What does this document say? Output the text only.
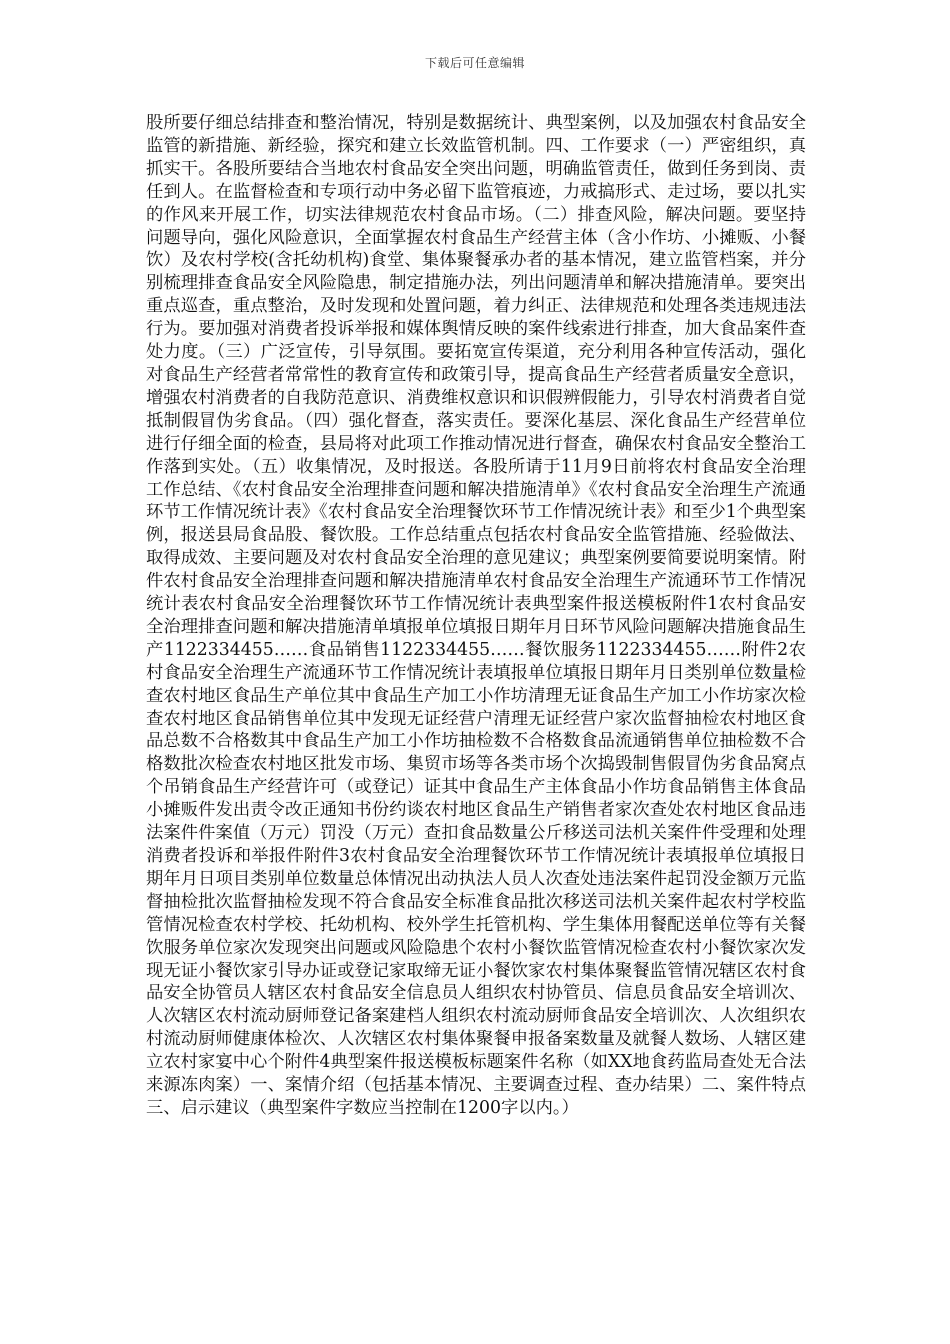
下载后可任意编辑

股所要仔细总结排查和整治情况，特别是数据统计、典型案例，以及加强农村食品安全监管的新措施、新经验，探究和建立长效监管机制。四、工作要求（一）严密组织，真抓实干。各股所要结合当地农村食品安全突出问题，明确监管责任，做到任务到岗、责任到人。在监督检查和专项行动中务必留下监管痕迹，力戒搞形式、走过场，要以扎实的作风来开展工作，切实法律规范农村食品市场。（二）排查风险，解决问题。要坚持问题导向，强化风险意识，全面掌握农村食品生产经营主体（含小作坊、小摊贩、小餐饮）及农村学校(含托幼机构)食堂、集体聚餐承办者的基本情况，建立监管档案，并分别梳理排查食品安全风险隐患，制定措施办法，列出问题清单和解决措施清单。要突出重点巡查，重点整治，及时发现和处置问题，着力纠正、法律规范和处理各类违规违法行为。要加强对消费者投诉举报和媒体舆情反映的案件线索进行排查，加大食品案件查处力度。（三）广泛宣传，引导氛围。要拓宽宣传渠道，充分利用各种宣传活动，强化对食品生产经营者常常性的教育宣传和政策引导，提高食品生产经营者质量安全意识，增强农村消费者的自我防范意识、消费维权意识和识假辨假能力，引导农村消费者自觉抵制假冒伪劣食品。（四）强化督查，落实责任。要深化基层、深化食品生产经营单位进行仔细全面的检查，县局将对此项工作推动情况进行督查，确保农村食品安全整治工作落到实处。（五）收集情况，及时报送。各股所请于11月9日前将农村食品安全治理工作总结、《农村食品安全治理排查问题和解决措施清单》《农村食品安全治理生产流通环节工作情况统计表》《农村食品安全治理餐饮环节工作情况统计表》和至少1个典型案例，报送县局食品股、餐饮股。工作总结重点包括农村食品安全监管措施、经验做法、取得成效、主要问题及对农村食品安全治理的意见建议；典型案例要简要说明案情。附件农村食品安全治理排查问题和解决措施清单农村食品安全治理生产流通环节工作情况统计表农村食品安全治理餐饮环节工作情况统计表典型案件报送模板附件1农村食品安全治理排查问题和解决措施清单填报单位填报日期年月日环节风险问题解决措施食品生产1122334455……食品销售1122334455……餐饮服务1122334455……附件2农村食品安全治理生产流通环节工作情况统计表填报单位填报日期年月日类别单位数量检查农村地区食品生产单位其中食品生产加工小作坊清理无证食品生产加工小作坊家次检查农村地区食品销售单位其中发现无证经营户清理无证经营户家次监督抽检农村地区食品总数不合格数其中食品生产加工小作坊抽检数不合格数食品流通销售单位抽检数不合格数批次检查农村地区批发市场、集贸市场等各类市场个次捣毁制售假冒伪劣食品窝点个吊销食品生产经营许可（或登记）证其中食品生产主体食品小作坊食品销售主体食品小摊贩件发出责令改正通知书份约谈农村地区食品生产销售者家次查处农村地区食品违法案件件案值（万元）罚没（万元）查扣食品数量公斤移送司法机关案件件受理和处理消费者投诉和举报件附件3农村食品安全治理餐饮环节工作情况统计表填报单位填报日期年月日项目类别单位数量总体情况出动执法人员人次查处违法案件起罚没金额万元监督抽检批次监督抽检发现不符合食品安全标准食品批次移送司法机关案件起农村学校监管情况检查农村学校、托幼机构、校外学生托管机构、学生集体用餐配送单位等有关餐饮服务单位家次发现突出问题或风险隐患个农村小餐饮监管情况检查农村小餐饮家次发现无证小餐饮家引导办证或登记家取缔无证小餐饮家农村集体聚餐监管情况辖区农村食品安全协管员人辖区农村食品安全信息员人组织农村协管员、信息员食品安全培训次、人次辖区农村流动厨师登记备案建档人组织农村流动厨师食品安全培训次、人次组织农村流动厨师健康体检次、人次辖区农村集体聚餐申报备案数量及就餐人数场、人辖区建立农村家宴中心个附件4典型案件报送模板标题案件名称（如XX地食药监局查处无合法来源冻肉案）一、案情介绍（包括基本情况、主要调查过程、查办结果）二、案件特点三、启示建议（典型案件字数应当控制在1200字以内。）
